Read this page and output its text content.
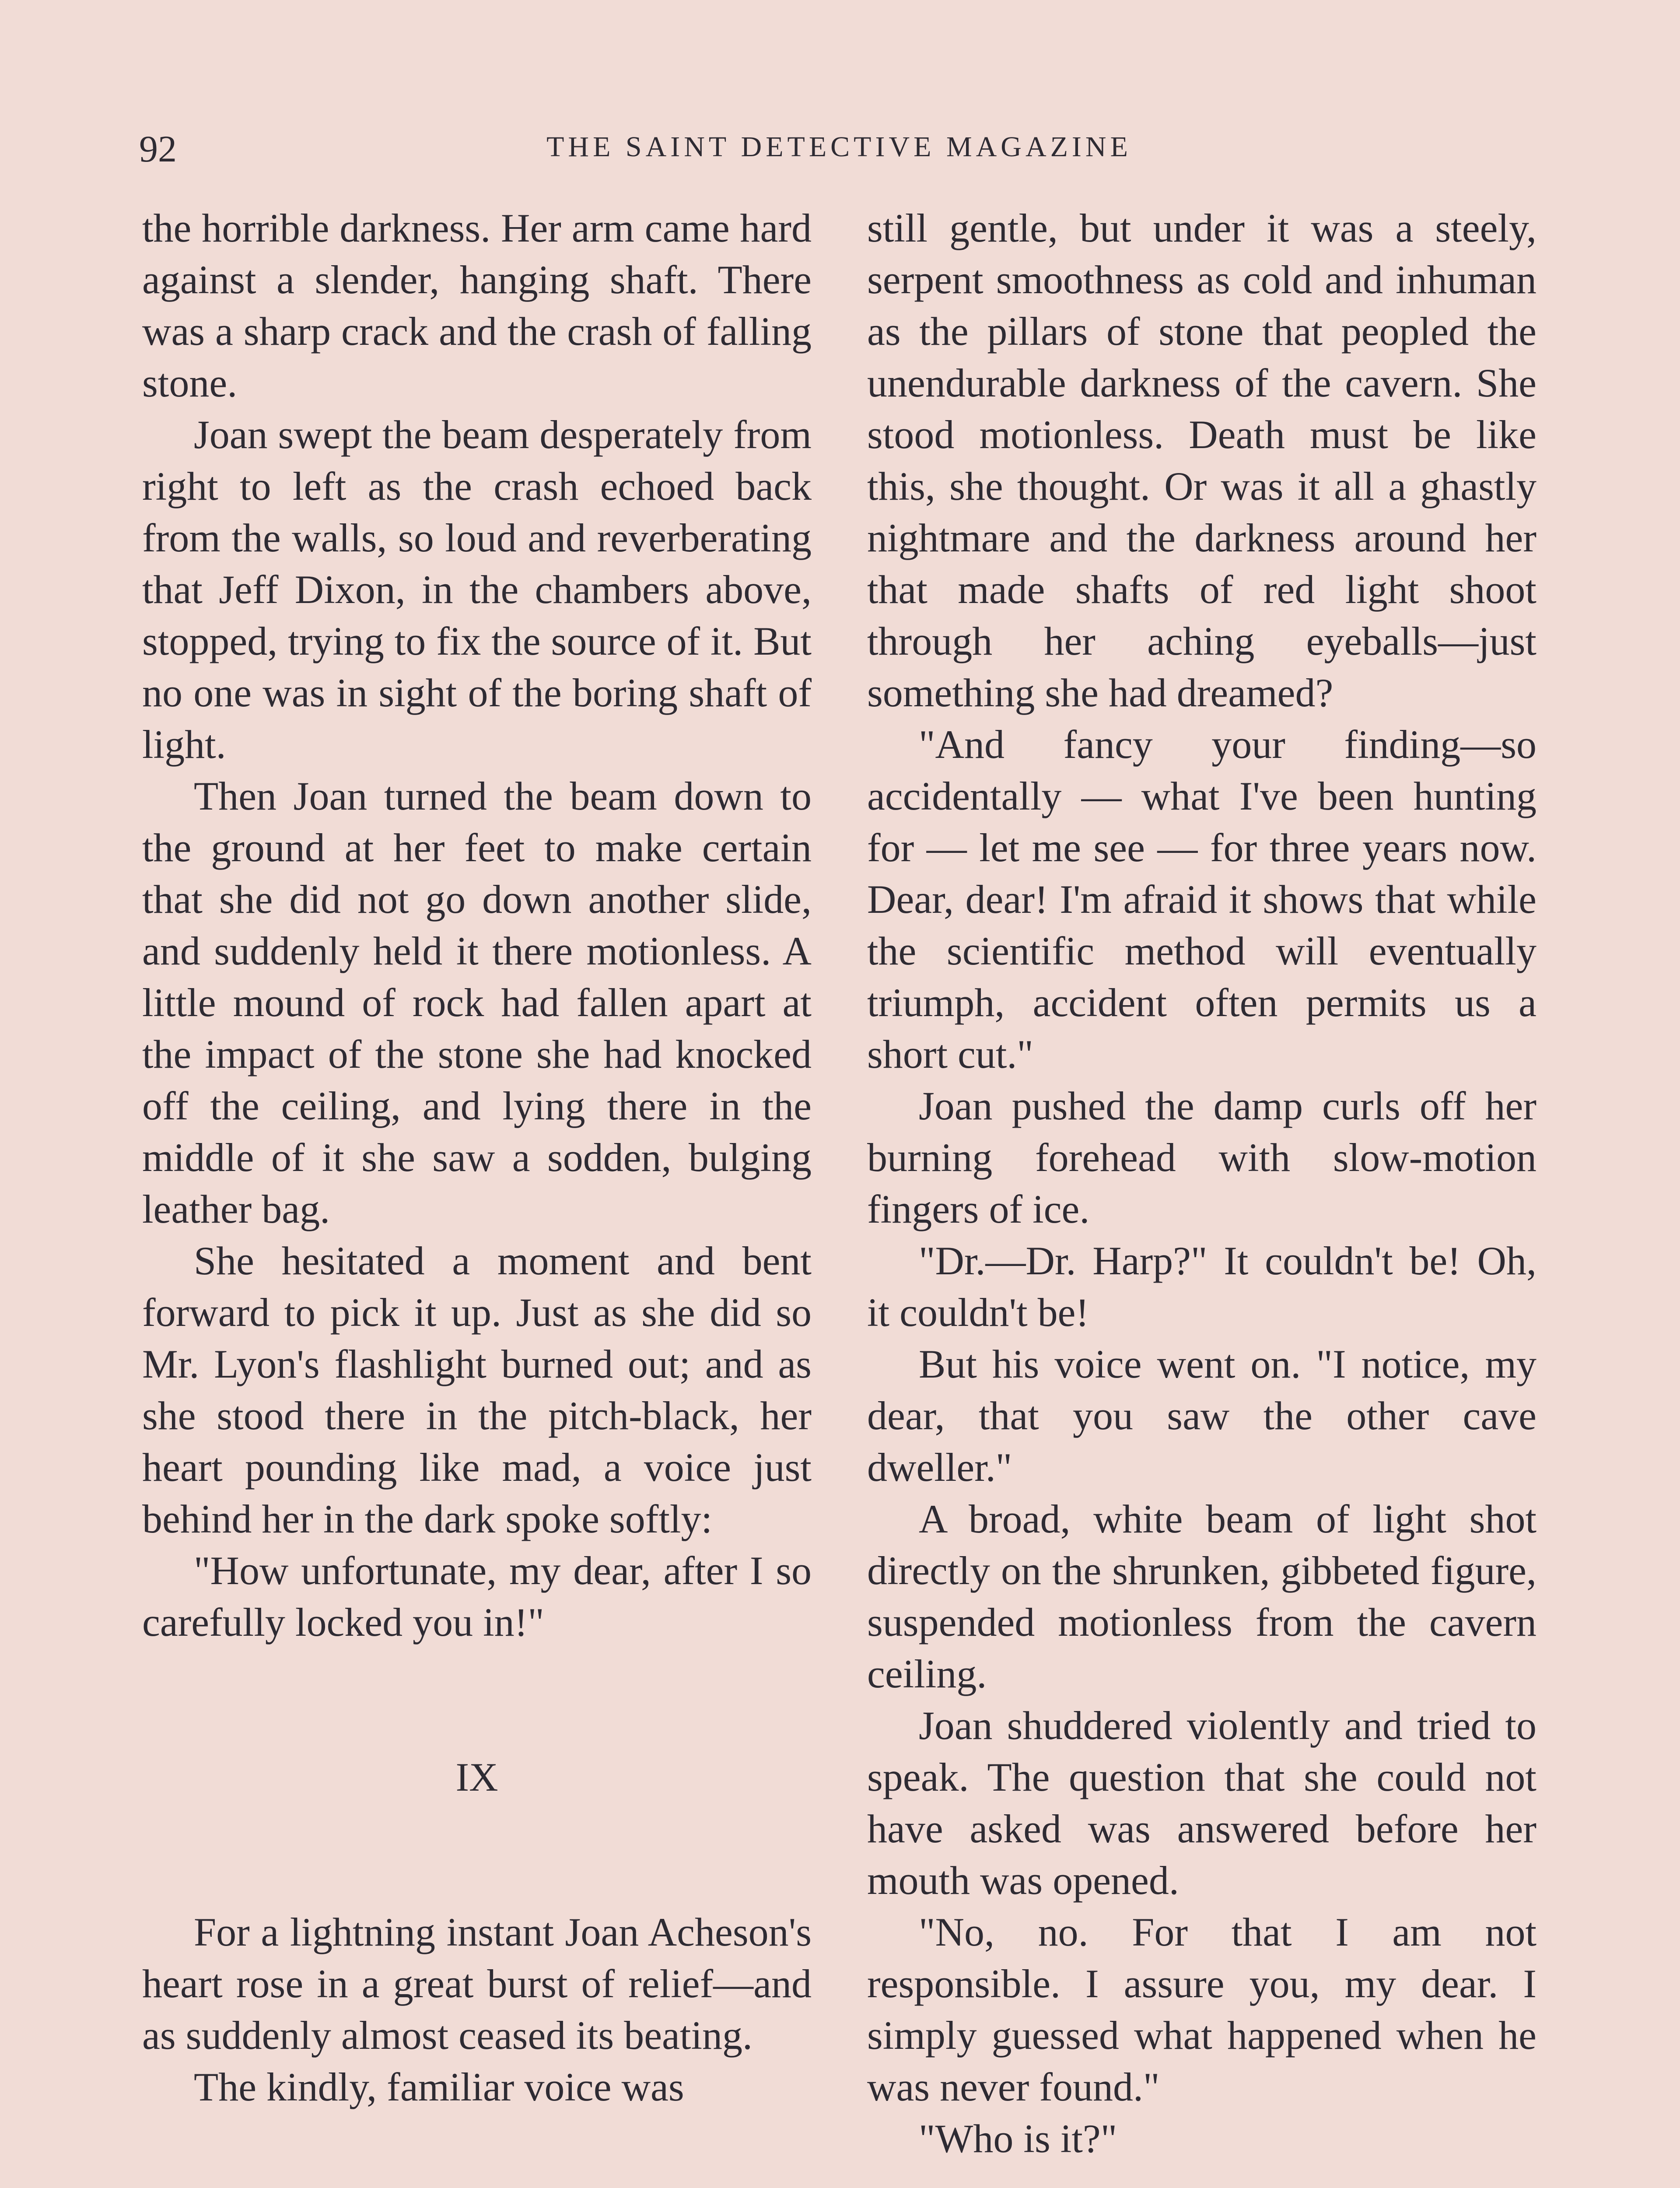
92	THE SAINT DETECTIVE MAGAZINE

the horrible darkness. Her arm came hard against a slender, hanging shaft. There was a sharp crack and the crash of falling stone.

Joan swept the beam desperately from right to left as the crash echoed back from the walls, so loud and reverberating that Jeff Dixon, in the chambers above, stopped, trying to fix the source of it. But no one was in sight of the boring shaft of light.

Then Joan turned the beam down to the ground at her feet to make certain that she did not go down another slide, and suddenly held it there motionless. A little mound of rock had fallen apart at the impact of the stone she had knocked off the ceiling, and lying there in the middle of it she saw a sodden, bulging leather bag.

She hesitated a moment and bent forward to pick it up. Just as she did so Mr. Lyon's flashlight burned out; and as she stood there in the pitch-black, her heart pounding like mad, a voice just behind her in the dark spoke softly:

"How unfortunate, my dear, after I so carefully locked you in!"

IX

For a lightning instant Joan Acheson's heart rose in a great burst of relief—and as suddenly almost ceased its beating.

The kindly, familiar voice was

still gentle, but under it was a steely, serpent smoothness as cold and inhuman as the pillars of stone that peopled the unendurable darkness of the cavern. She stood motionless. Death must be like this, she thought. Or was it all a ghastly nightmare and the darkness around her that made shafts of red light shoot through her aching eyeballs—just something she had dreamed?

"And fancy your finding—so accidentally — what I've been hunting for — let me see — for three years now. Dear, dear! I'm afraid it shows that while the scientific method will eventually triumph, accident often permits us a short cut."

Joan pushed the damp curls off her burning forehead with slow-motion fingers of ice.

"Dr.—Dr. Harp?" It couldn't be! Oh, it couldn't be!

But his voice went on. "I notice, my dear, that you saw the other cave dweller."

A broad, white beam of light shot directly on the shrunken, gibbeted figure, suspended motionless from the cavern ceiling.

Joan shuddered violently and tried to speak. The question that she could not have asked was answered before her mouth was opened.

"No, no. For that I am not responsible. I assure you, my dear. I simply guessed what happened when he was never found."

"Who is it?"
